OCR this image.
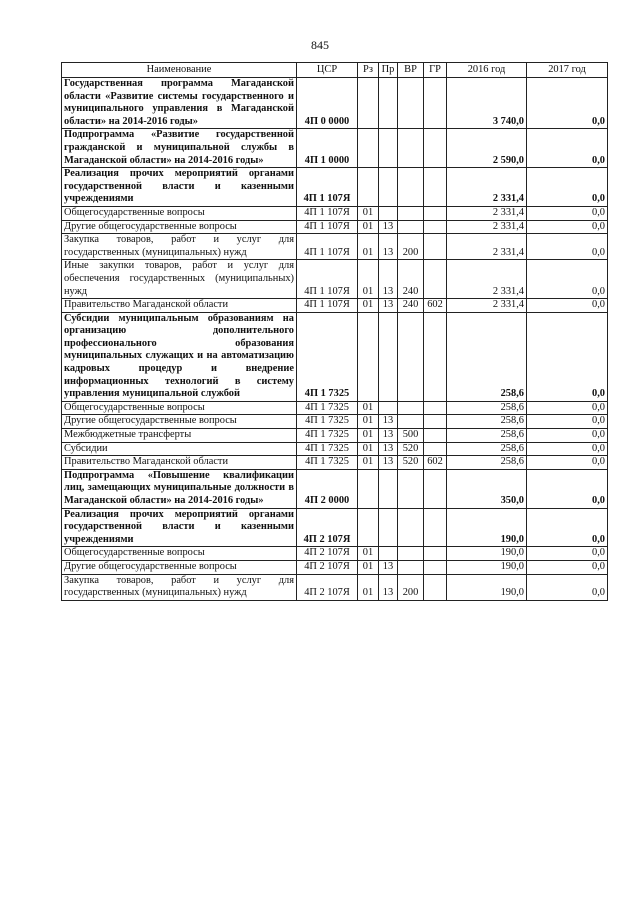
845
Наименование	ЦСР	Рз	Пр	ВР	ГР	2016 год	2017 год
Государственная программа Магаданской области «Развитие системы государственного и муниципального управления в Магаданской области» на 2014-2016 годы»	4П 0 0000					3 740,0	0,0
Подпрограмма «Развитие государственной гражданской и муниципальной службы в Магаданской области» на 2014-2016 годы»	4П 1 0000					2 590,0	0,0
Реализация прочих мероприятий органами государственной власти и казенными учреждениями	4П 1 107Я					2 331,4	0,0
Общегосударственные вопросы	4П 1 107Я	01				2 331,4	0,0
Другие общегосударственные вопросы	4П 1 107Я	01	13			2 331,4	0,0
Закупка товаров, работ и услуг для государственных (муниципальных) нужд	4П 1 107Я	01	13	200		2 331,4	0,0
Иные закупки товаров, работ и услуг для обеспечения государственных (муниципальных) нужд	4П 1 107Я	01	13	240		2 331,4	0,0
Правительство Магаданской области	4П 1 107Я	01	13	240	602	2 331,4	0,0
Субсидии муниципальным образованиям на организацию дополнительного профессионального образования муниципальных служащих и на автоматизацию кадровых процедур и внедрение информационных технологий в систему управления муниципальной службой	4П 1 7325					258,6	0,0
Общегосударственные вопросы	4П 1 7325	01				258,6	0,0
Другие общегосударственные вопросы	4П 1 7325	01	13			258,6	0,0
Межбюджетные трансферты	4П 1 7325	01	13	500		258,6	0,0
Субсидии	4П 1 7325	01	13	520		258,6	0,0
Правительство Магаданской области	4П 1 7325	01	13	520	602	258,6	0,0
Подпрограмма «Повышение квалификации лиц, замещающих муниципальные должности в Магаданской области» на 2014-2016 годы»	4П 2 0000					350,0	0,0
Реализация прочих мероприятий органами государственной власти и казенными учреждениями	4П 2 107Я					190,0	0,0
Общегосударственные вопросы	4П 2 107Я	01				190,0	0,0
Другие общегосударственные вопросы	4П 2 107Я	01	13			190,0	0,0
Закупка товаров, работ и услуг для государственных (муниципальных) нужд	4П 2 107Я	01	13	200		190,0	0,0
